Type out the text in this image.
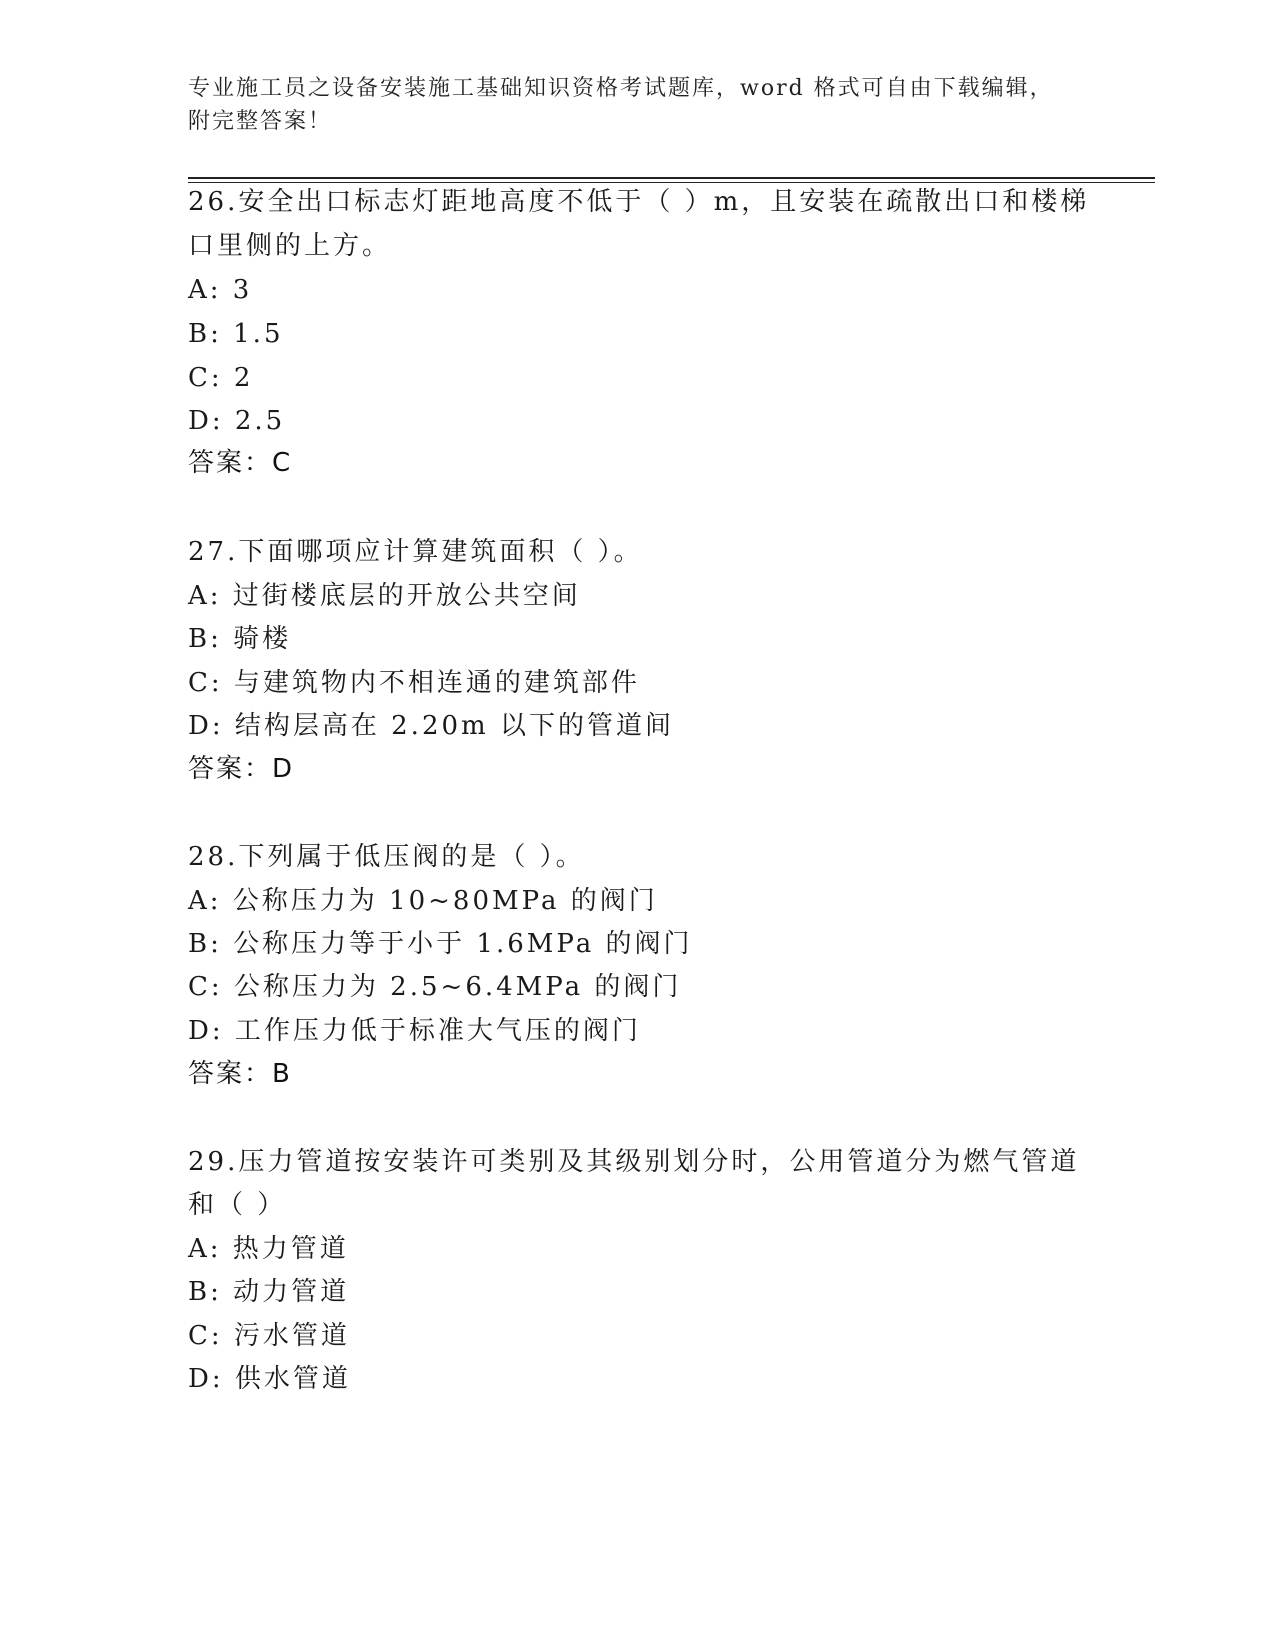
专业施工员之设备安装施工基础知识资格考试题库，word 格式可自由下载编辑，
附完整答案！
26.安全出口标志灯距地高度不低于（ ）m，且安装在疏散出口和楼梯
口里侧的上方。
A: 3
B: 1.5
C: 2
D: 2.5
答案：C
27.下面哪项应计算建筑面积（ ）。
A: 过街楼底层的开放公共空间
B: 骑楼
C: 与建筑物内不相连通的建筑部件
D: 结构层高在 2.20m 以下的管道间
答案：D
28.下列属于低压阀的是（ ）。
A: 公称压力为 10~80MPa 的阀门
B: 公称压力等于小于 1.6MPa 的阀门
C: 公称压力为 2.5~6.4MPa 的阀门
D: 工作压力低于标准大气压的阀门
答案：B
29.压力管道按安装许可类别及其级别划分时，公用管道分为燃气管道
和（ ）
A: 热力管道
B: 动力管道
C: 污水管道
D: 供水管道
